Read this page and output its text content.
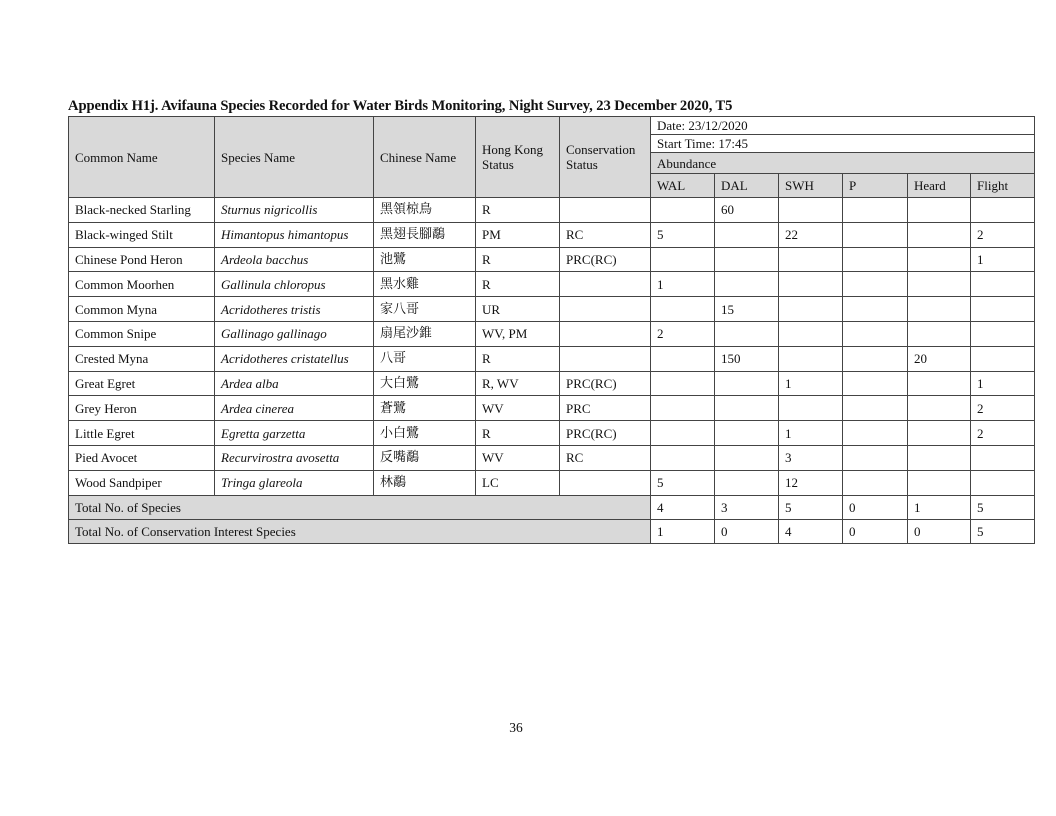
Appendix H1j. Avifauna Species Recorded for Water Birds Monitoring, Night Survey, 23 December 2020, T5
Common Name	Species Name	Chinese Name	Hong Kong Status	Conservation Status	Date: 23/12/2020					
					Start Time: 17:45					
					Abundance					
					WAL	DAL	SWH	P	Heard	Flight
Black-necked Starling	Sturnus nigricollis	黑領椋鳥	R			60				
Black-winged Stilt	Himantopus himantopus	黑翅長腳鷸	PM	RC	5		22			2
Chinese Pond Heron	Ardeola bacchus	池鷺	R	PRC(RC)						1
Common Moorhen	Gallinula chloropus	黑水雞	R		1					
Common Myna	Acridotheres tristis	家八哥	UR			15				
Common Snipe	Gallinago gallinago	扇尾沙錐	WV, PM		2					
Crested Myna	Acridotheres cristatellus	八哥	R			150			20	
Great Egret	Ardea alba	大白鷺	R, WV	PRC(RC)			1			1
Grey Heron	Ardea cinerea	蒼鷺	WV	PRC						2
Little Egret	Egretta garzetta	小白鷺	R	PRC(RC)			1			2
Pied Avocet	Recurvirostra avosetta	反嘴鷸	WV	RC			3			
Wood Sandpiper	Tringa glareola	林鷸	LC		5		12			
Total No. of Species					4	3	5	0	1	5
Total No. of Conservation Interest Species					1	0	4	0	0	5
36
